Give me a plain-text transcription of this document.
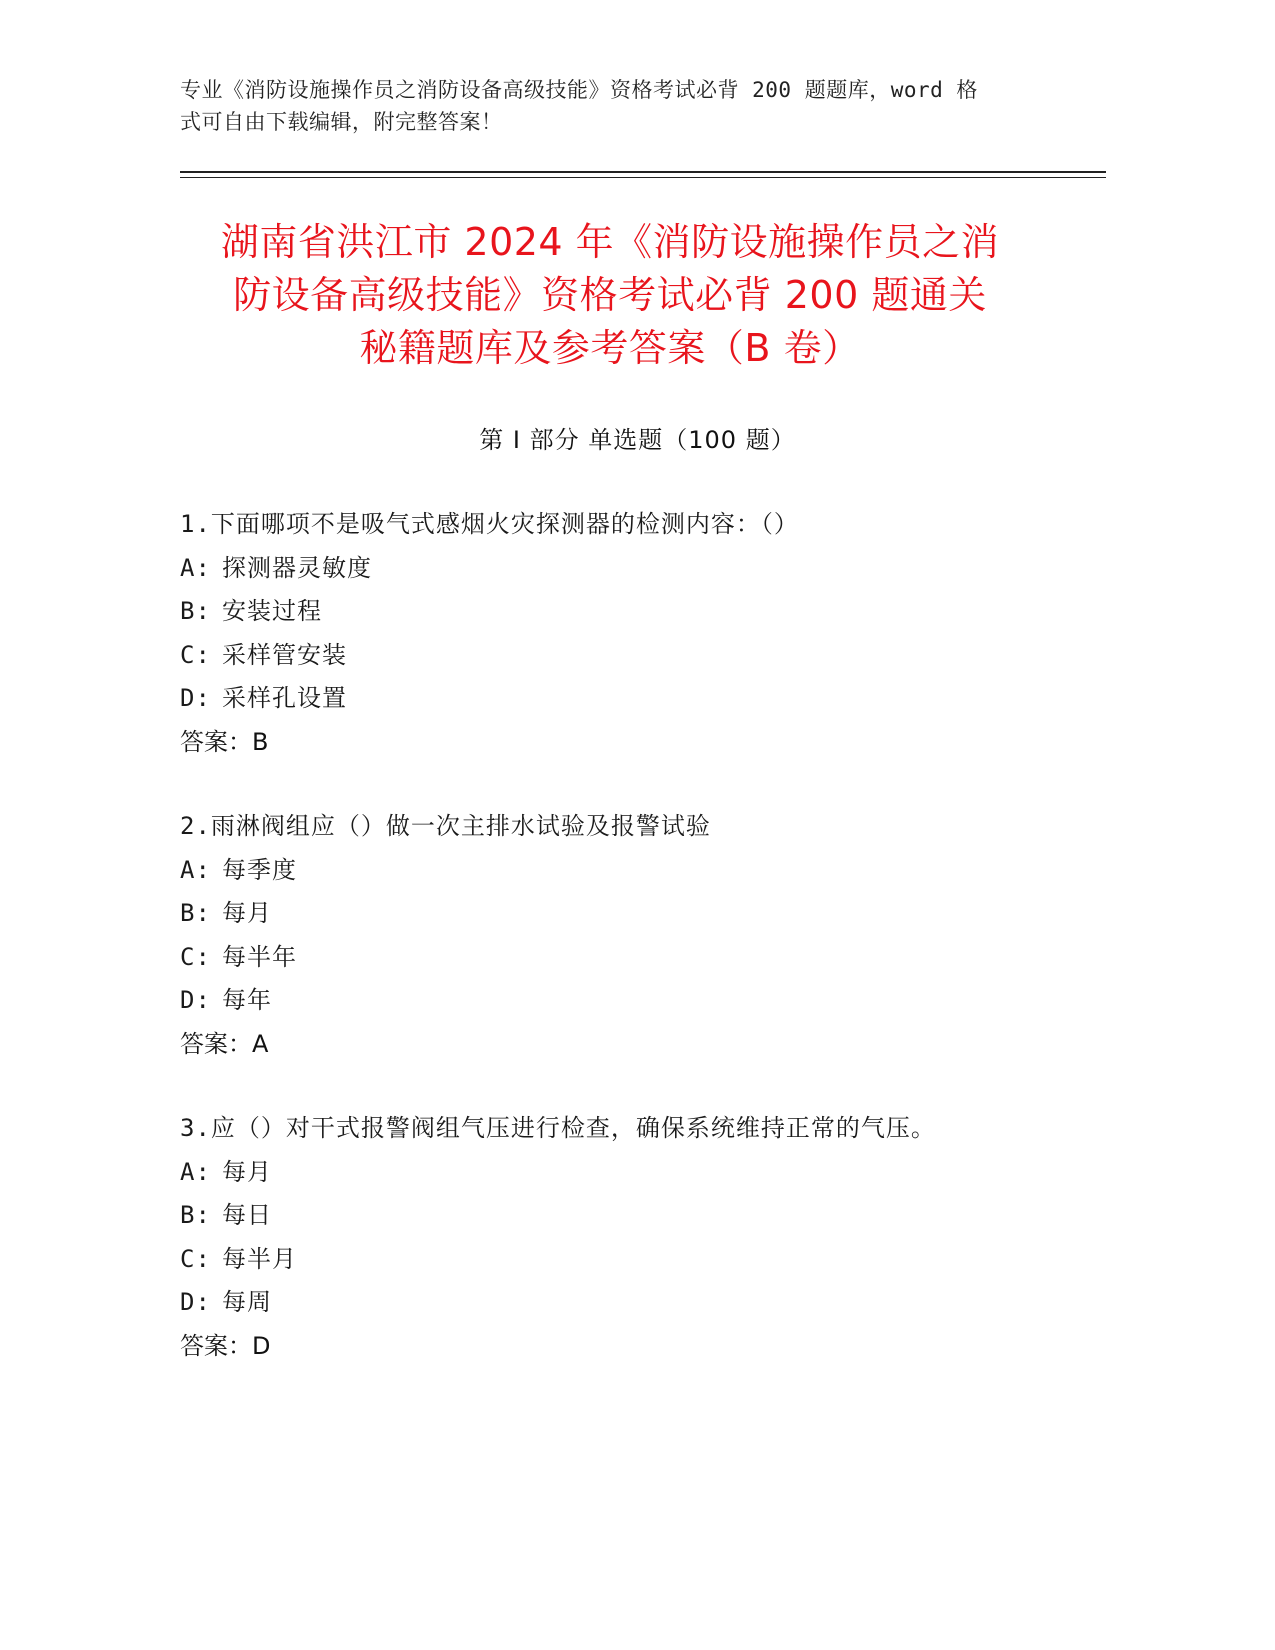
专业《消防设施操作员之消防设备高级技能》资格考试必背 200 题题库，word 格
式可自由下载编辑，附完整答案！
湖南省洪江市 2024 年《消防设施操作员之消
防设备高级技能》资格考试必背 200 题通关
秘籍题库及参考答案（B 卷）
第 I 部分 单选题（100 题）
1.下面哪项不是吸气式感烟火灾探测器的检测内容：（）
A: 探测器灵敏度
B: 安装过程
C: 采样管安装
D: 采样孔设置
答案：B
2.雨淋阀组应（）做一次主排水试验及报警试验
A: 每季度
B: 每月
C: 每半年
D: 每年
答案：A
3.应（）对干式报警阀组气压进行检查，确保系统维持正常的气压。
A: 每月
B: 每日
C: 每半月
D: 每周
答案：D
